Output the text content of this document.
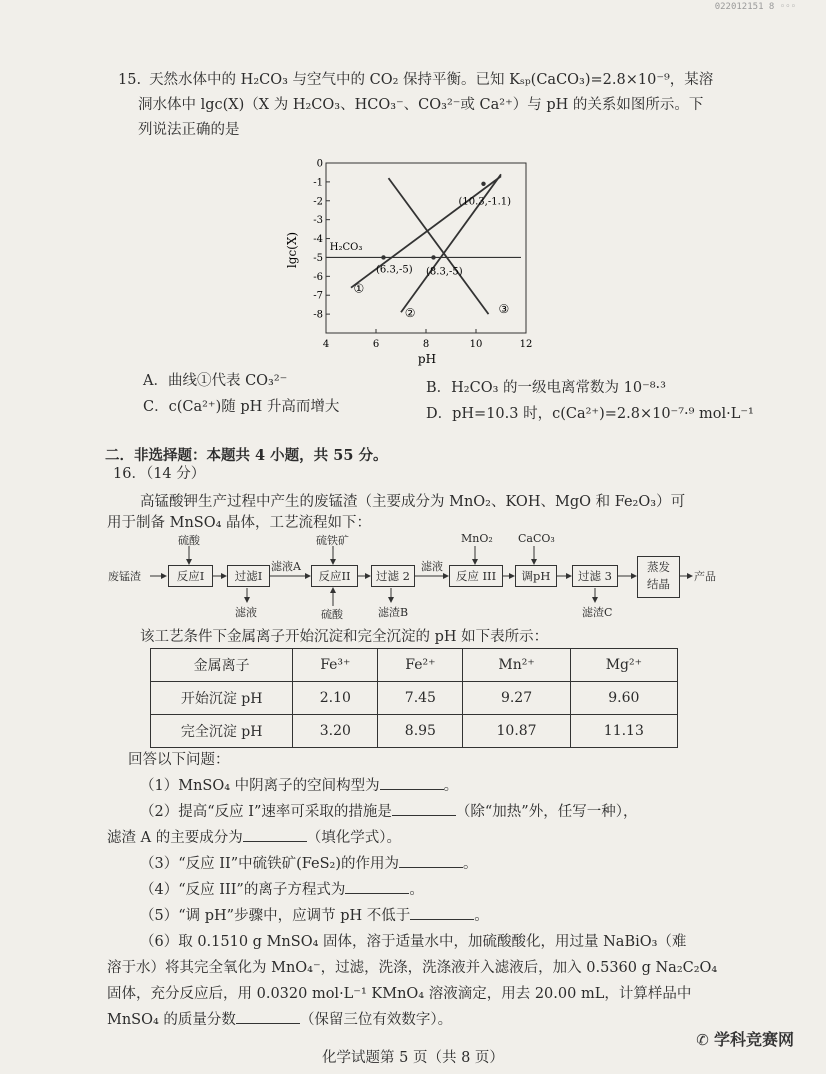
022012151 8 ◦◦◦
15. 天然水体中的 H₂CO₃ 与空气中的 CO₂ 保持平衡。已知 Kₛₚ(CaCO₃)=2.8×10⁻⁹，某溶
洞水体中 lgc(X)（X 为 H₂CO₃、HCO₃⁻、CO₃²⁻或 Ca²⁺）与 pH 的关系如图所示。下
列说法正确的是
4	6	8	10	12
0
-1
-2
-3
-4
-5
-6
-7
-8
(6.3,-5) (8.3,-5)
(10.3,-1.1)
H₂CO₃
①
②	③
lgc(X)
pH
A．曲线①代表 CO₃²⁻	B．H₂CO₃ 的一级电离常数为 10⁻⁸·³
C．c(Ca²⁺)随 pH 升高而增大	D．pH=10.3 时，c(Ca²⁺)=2.8×10⁻⁷·⁹ mol·L⁻¹
二．非选择题：本题共 4 小题，共 55 分。
16．（14 分）
高锰酸钾生产过程中产生的废锰渣（主要成分为 MnO₂、KOH、MgO 和 Fe₂O₃）可
用于制备 MnSO₄ 晶体，工艺流程如下：
废锰渣	反应I	过滤I	反应II	过滤 2	反应 III	调pH	过滤 3
蒸发
结晶
产品
硫酸	硫铁矿
硫酸
MnO₂ CaCO₃
滤液A	滤液
滤液	滤渣B	滤渣C
该工艺条件下金属离子开始沉淀和完全沉淀的 pH 如下表所示：
金属离子	Fe³⁺	Fe²⁺	Mn²⁺	Mg²⁺
开始沉淀 pH	2.10	7.45	9.27	9.60
完全沉淀 pH	3.20	8.95	10.87	11.13
回答以下问题：
（1）MnSO₄ 中阴离子的空间构型为	。
（2）提高“反应 I”速率可采取的措施是	（除“加热”外，任写一种），
滤渣 A 的主要成分为	（填化学式）。
（3）“反应 II”中硫铁矿(FeS₂)的作用为	。
（4）“反应 III”的离子方程式为	。
（5）“调 pH”步骤中，应调节 pH 不低于	。
（6）取 0.1510 g MnSO₄ 固体，溶于适量水中，加硫酸酸化，用过量 NaBiO₃（难
溶于水）将其完全氧化为 MnO₄⁻，过滤，洗涤，洗涤液并入滤液后，加入 0.5360 g Na₂C₂O₄
固体，充分反应后，用 0.0320 mol·L⁻¹ KMnO₄ 溶液滴定，用去 20.00 mL，计算样品中
MnSO₄ 的质量分数	（保留三位有效数字）。
✆ 学科竞赛网
化学试题第 5 页（共 8 页）
